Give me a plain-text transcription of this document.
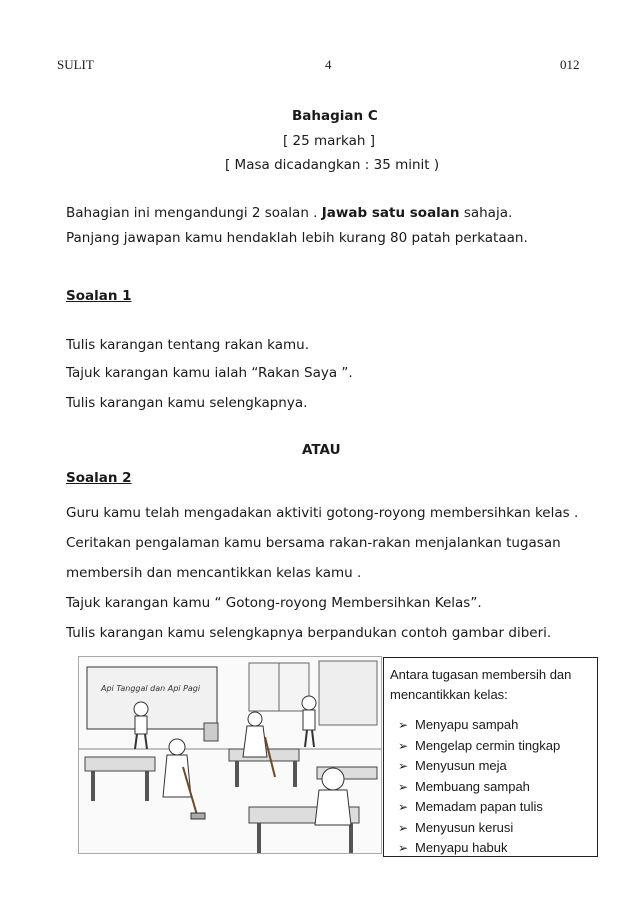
SULIT	4	012
Bahagian C
[ 25 markah ]
[ Masa dicadangkan : 35 minit )
Bahagian ini mengandungi 2 soalan . Jawab satu soalan sahaja.
Panjang jawapan kamu hendaklah lebih kurang 80 patah perkataan.
Soalan 1
Tulis karangan tentang rakan kamu.
Tajuk karangan kamu ialah “Rakan Saya ”.
Tulis karangan kamu selengkapnya.
ATAU
Soalan 2
Guru kamu telah mengadakan aktiviti gotong-royong membersihkan kelas .
Ceritakan pengalaman kamu bersama rakan-rakan menjalankan tugasan
membersih dan mencantikkan kelas kamu .
Tajuk karangan kamu “ Gotong-royong Membersihkan Kelas”.
Tulis karangan kamu selengkapnya berpandukan contoh gambar diberi.
Api Tanggal dan Api Pagi
Antara tugasan membersih dan mencantikkan kelas:
➢ Menyapu sampah
➢ Mengelap cermin tingkap
➢ Menyusun meja
➢ Membuang sampah
➢ Memadam papan tulis
➢ Menyusun kerusi
➢ Menyapu habuk
